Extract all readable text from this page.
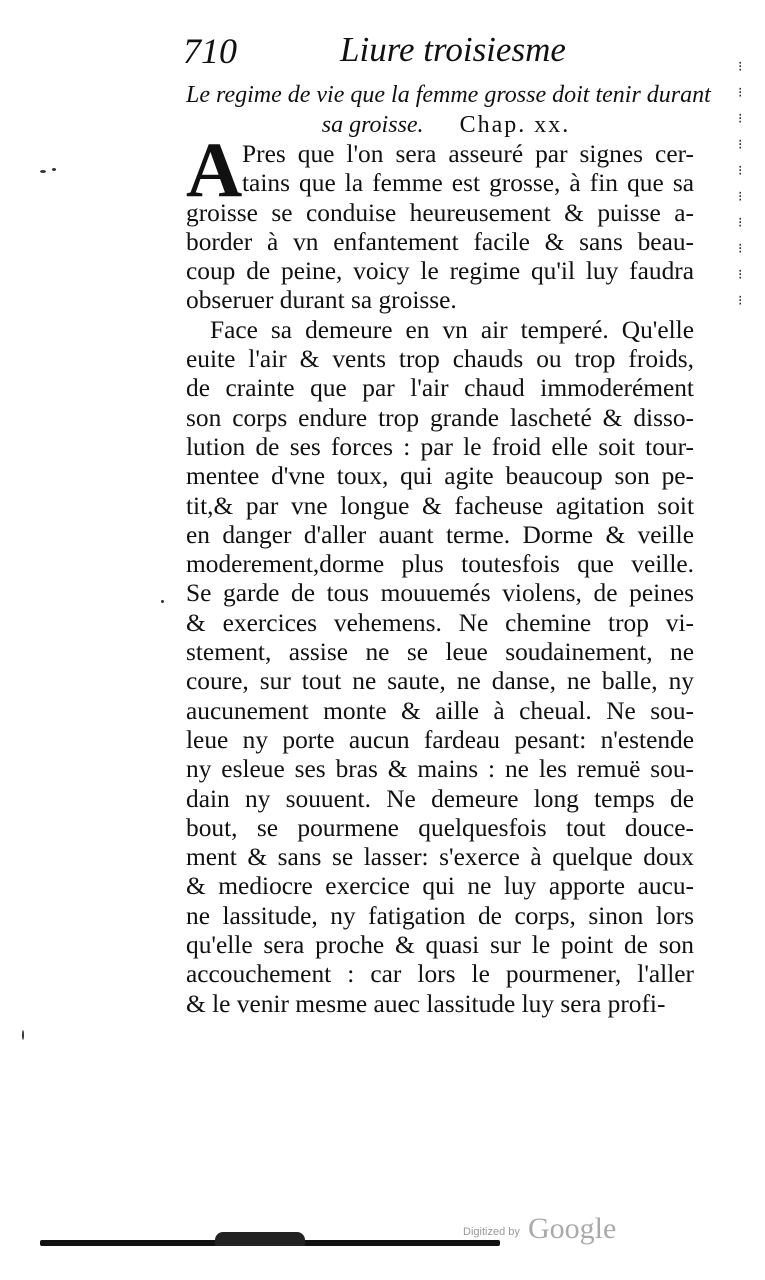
710	Liure troisiesme
Le regime de vie que la femme grosse doit tenir durant
sa groisse. Chap. xx.
A Pres que l'on sera asseuré par signes cer-
tains que la femme est grosse, à fin que sa
groisse se conduise heureusement & puisse a-
border à vn enfantement facile & sans beau-
coup de peine, voicy le regime qu'il luy faudra
obseruer durant sa groisse.
Face sa demeure en vn air temperé. Qu'elle
euite l'air & vents trop chauds ou trop froids,
de crainte que par l'air chaud immoderément
son corps endure trop grande lascheté & disso-
lution de ses forces : par le froid elle soit tour-
mentee d'vne toux, qui agite beaucoup son pe-
tit,& par vne longue & facheuse agitation soit
en danger d'aller auant terme. Dorme & veille
moderement,dorme plus toutesfois que veille.
Se garde de tous mouuemés violens, de peines
& exercices vehemens. Ne chemine trop vi-
stement, assise ne se leue soudainement, ne
coure, sur tout ne saute, ne danse, ne balle, ny
aucunement monte & aille à cheual. Ne sou-
leue ny porte aucun fardeau pesant: n'estende
ny esleue ses bras & mains : ne les remuë sou-
dain ny souuent. Ne demeure long temps de
bout, se pourmene quelquesfois tout douce-
ment & sans se lasser: s'exerce à quelque doux
& mediocre exercice qui ne luy apporte aucu-
ne lassitude, ny fatigation de corps, sinon lors
qu'elle sera proche & quasi sur le point de son
accouchement : car lors le pourmener, l'aller
& le venir mesme auec lassitude luy sera profi-
⁝
⁝
⁝
⁝
⁝
⁝
⁝
⁝
⁝
⁝
Digitized by Google
